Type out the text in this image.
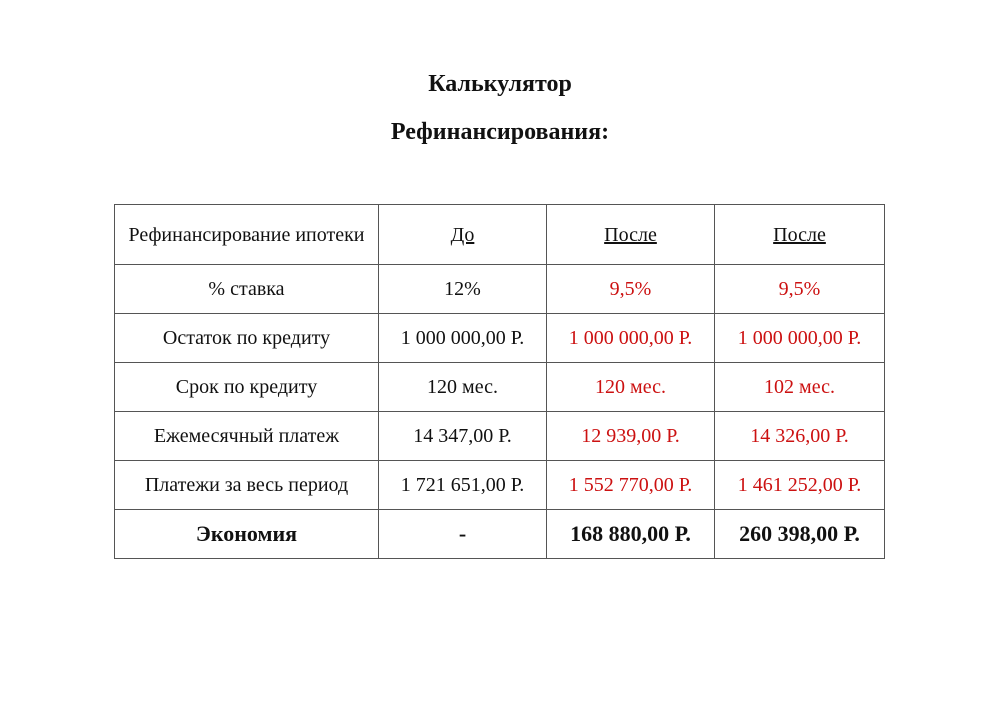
Калькулятор
Рефинансирования:
Рефинансирование ипотеки	До	После	После
% ставка	12%	9,5%	9,5%
Остаток по кредиту	1 000 000,00 Р.	1 000 000,00 Р.	1 000 000,00 Р.
Срок по кредиту	120 мес.	120 мес.	102 мес.
Ежемесячный платеж	14 347,00 Р.	12 939,00 Р.	14 326,00 Р.
Платежи за весь период	1 721 651,00 Р.	1 552 770,00 Р.	1 461 252,00 Р.
Экономия	-	168 880,00 Р.	260 398,00 Р.
